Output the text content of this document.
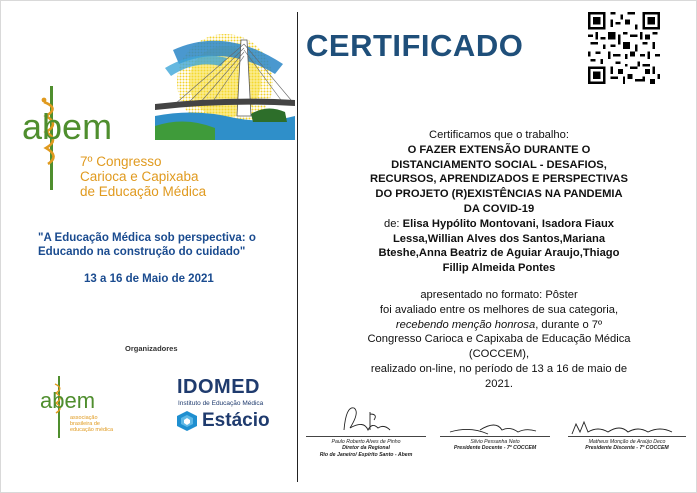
abem
7º Congresso
Carioca e Capixaba
de Educação Médica
"A Educação Médica sob perspectiva: o Educando na construção do cuidado"
13 a 16 de Maio de 2021
Organizadores
abem
associação brasileira de educação médica
IDOMED
Instituto de Educação Médica
Estácio
CERTIFICADO

Certificamos que o trabalho:

O FAZER EXTENSÃO DURANTE O
DISTANCIAMENTO SOCIAL - DESAFIOS,
RECURSOS, APRENDIZADOS E PERSPECTIVAS
DO PROJETO (R)EXISTÊNCIAS NA PANDEMIA
DA COVID-19
de: Elisa Hypólito Montovani, Isadora Fiaux
Lessa,Willian Alves dos Santos,Mariana
Bteshe,Anna Beatriz de Aguiar Araujo,Thiago
Fillip Almeida Pontes

apresentado no formato: Pôster

foi avaliado entre os melhores de sua categoria,

recebendo menção honrosa, durante o 7º

Congresso Carioca e Capixaba de Educação Médica

(COCCEM),

realizado on-line, no período de 13 a 16 de maio de

2021.

Paulo Roberto Alves de Pinho
Diretor da Regional
Rio de Janeiro/ Espírito Santo - Abem
Silvio Pessanha Neto
Presidente Docente - 7º COCCEM
Matheus Monção de Araújo Deco
Presidente Discente - 7º COCCEM
